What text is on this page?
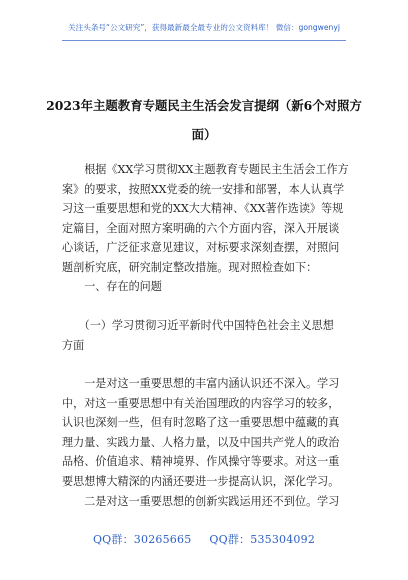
关注头条号“公文研究”，获得最新最全最专业的公文资料库！ 微信：gongwenyj
2023年主题教育专题民主生活会发言提纲（新6个对照方
面）
　　根据《XX学习贯彻XX主题教育专题民主生活会工作方
案》的要求，按照XX党委的统一安排和部署，本人认真学
习这一重要思想和党的XX大大精神、《XX著作选读》等规
定篇目，全面对照方案明确的六个方面内容，深入开展谈
心谈话，广泛征求意见建议，对标要求深刻查摆，对照问
题剖析究底，研究制定整改措施。现对照检查如下：
　　一、存在的问题
　　（一）学习贯彻习近平新时代中国特色社会主义思想
方面
　　一是对这一重要思想的丰富内涵认识还不深入。学习
中，对这一重要思想中有关治国理政的内容学习的较多，
认识也深刻一些，但有时忽略了这一重要思想中蕴藏的真
理力量、实践力量、人格力量，以及中国共产党人的政治
品格、价值追求、精神境界、作风操守等要求。对这一重
要思想博大精深的内涵还要进一步提高认识，深化学习。
　　二是对这一重要思想的创新实践运用还不到位。学习
QQ群：30265665 QQ群：535304092
